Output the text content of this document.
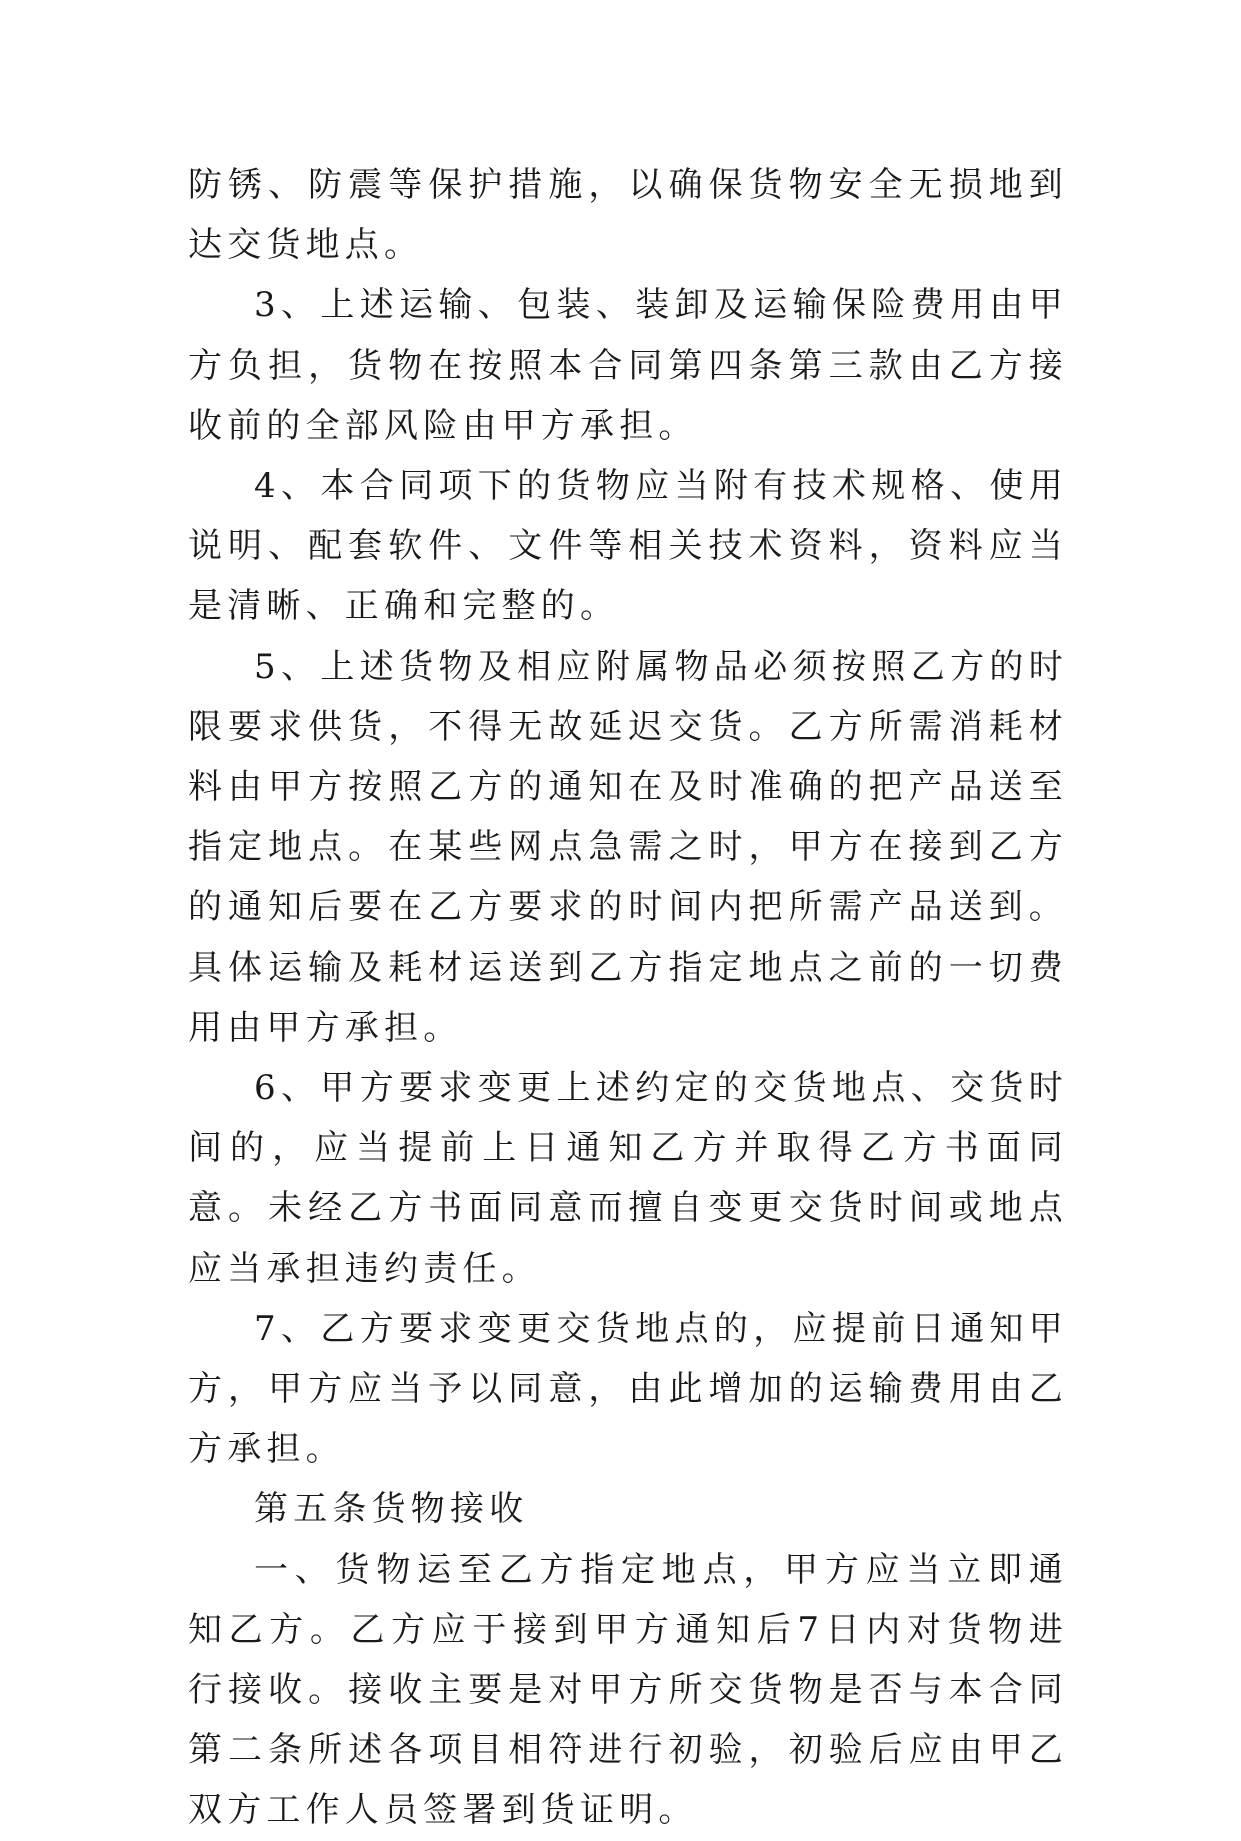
防锈、防震等保护措施，以确保货物安全无损地到达交货地点。

3、上述运输、包装、装卸及运输保险费用由甲方负担，货物在按照本合同第四条第三款由乙方接收前的全部风险由甲方承担。

4、本合同项下的货物应当附有技术规格、使用说明、配套软件、文件等相关技术资料，资料应当是清晰、正确和完整的。

5、上述货物及相应附属物品必须按照乙方的时限要求供货，不得无故延迟交货。乙方所需消耗材料由甲方按照乙方的通知在及时准确的把产品送至指定地点。在某些网点急需之时，甲方在接到乙方的通知后要在乙方要求的时间内把所需产品送到。具体运输及耗材运送到乙方指定地点之前的一切费用由甲方承担。

6、甲方要求变更上述约定的交货地点、交货时间的，应当提前上日通知乙方并取得乙方书面同意。未经乙方书面同意而擅自变更交货时间或地点应当承担违约责任。

7、乙方要求变更交货地点的，应提前日通知甲方，甲方应当予以同意，由此增加的运输费用由乙方承担。

第五条货物接收

一、货物运至乙方指定地点，甲方应当立即通知乙方。乙方应于接到甲方通知后7日内对货物进行接收。接收主要是对甲方所交货物是否与本合同第二条所述各项目相符进行初验，初验后应由甲乙双方工作人员签署到货证明。
